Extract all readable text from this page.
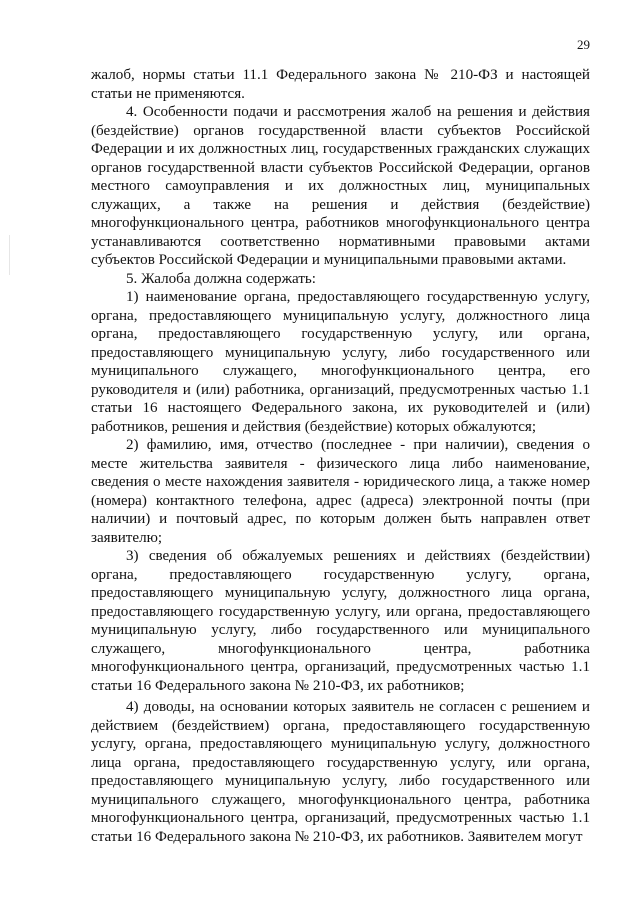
29

жалоб, нормы статьи 11.1 Федерального закона № 210-ФЗ и настоящей статьи не применяются.

4. Особенности подачи и рассмотрения жалоб на решения и действия (бездействие) органов государственной власти субъектов Российской Федерации и их должностных лиц, государственных гражданских служащих органов государственной власти субъектов Российской Федерации, органов местного самоуправления и их должностных лиц, муниципальных служащих, а также на решения и действия (бездействие) многофункционального центра, работников многофункционального центра устанавливаются соответственно нормативными правовыми актами субъектов Российской Федерации и муниципальными правовыми актами.

5. Жалоба должна содержать:

1) наименование органа, предоставляющего государственную услугу, органа, предоставляющего муниципальную услугу, должностного лица органа, предоставляющего государственную услугу, или органа, предоставляющего муниципальную услугу, либо государственного или муниципального служащего, многофункционального центра, его руководителя и (или) работника, организаций, предусмотренных частью 1.1 статьи 16 настоящего Федерального закона, их руководителей и (или) работников, решения и действия (бездействие) которых обжалуются;

2) фамилию, имя, отчество (последнее - при наличии), сведения о месте жительства заявителя - физического лица либо наименование, сведения о месте нахождения заявителя - юридического лица, а также номер (номера) контактного телефона, адрес (адреса) электронной почты (при наличии) и почтовый адрес, по которым должен быть направлен ответ заявителю;

3) сведения об обжалуемых решениях и действиях (бездействии) органа, предоставляющего государственную услугу, органа, предоставляющего муниципальную услугу, должностного лица органа, предоставляющего государственную услугу, или органа, предоставляющего муниципальную услугу, либо государственного или муниципального служащего, многофункционального центра, работника многофункционального центра, организаций, предусмотренных частью 1.1 статьи 16 Федерального закона № 210-ФЗ, их работников;

4) доводы, на основании которых заявитель не согласен с решением и действием (бездействием) органа, предоставляющего государственную услугу, органа, предоставляющего муниципальную услугу, должностного лица органа, предоставляющего государственную услугу, или органа, предоставляющего муниципальную услугу, либо государственного или муниципального служащего, многофункционального центра, работника многофункционального центра, организаций, предусмотренных частью 1.1 статьи 16 Федерального закона № 210-ФЗ, их работников. Заявителем могут
